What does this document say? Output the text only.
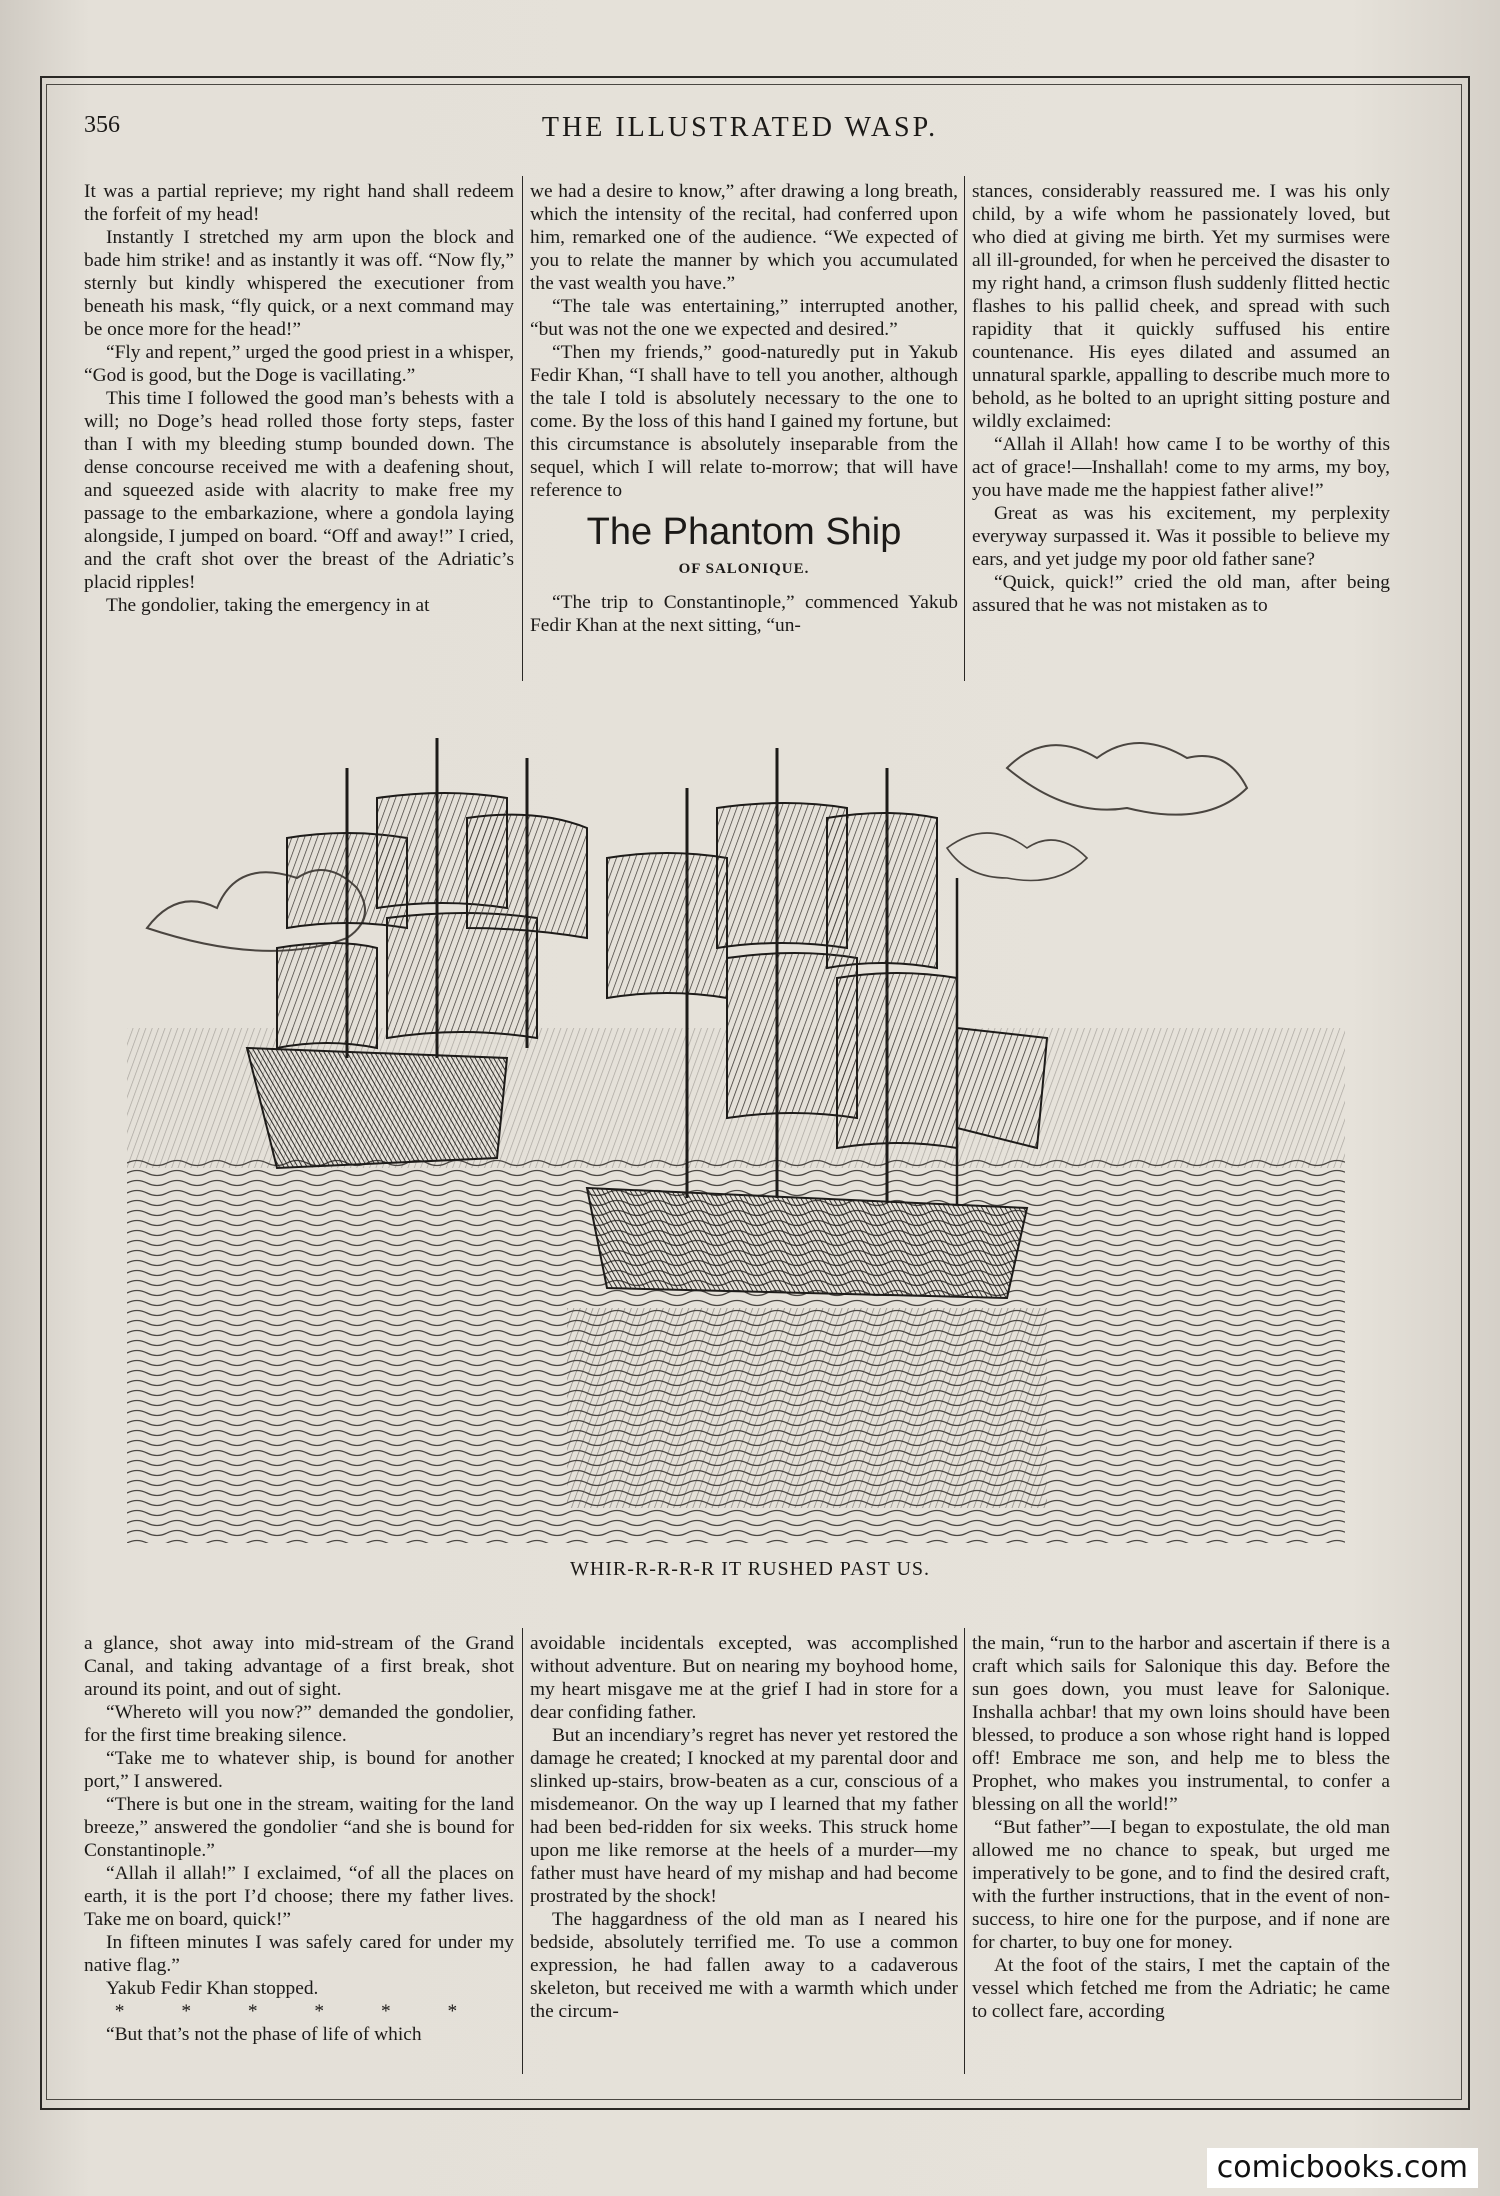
356	THE ILLUSTRATED WASP.

It was a partial reprieve; my right hand shall redeem the forfeit of my head!

Instantly I stretched my arm upon the block and bade him strike! and as instantly it was off. “Now fly,” sternly but kindly whispered the executioner from beneath his mask, “fly quick, or a next command may be once more for the head!”

“Fly and repent,” urged the good priest in a whisper, “God is good, but the Doge is vacillating.”

This time I followed the good man’s behests with a will; no Doge’s head rolled those forty steps, faster than I with my bleeding stump bounded down. The dense concourse received me with a deafening shout, and squeezed aside with alacrity to make free my passage to the embarkazione, where a gondola laying alongside, I jumped on board. “Off and away!” I cried, and the craft shot over the breast of the Adriatic’s placid ripples!

The gondolier, taking the emergency in at

we had a desire to know,” after drawing a long breath, which the intensity of the recital, had conferred upon him, remarked one of the audience. “We expected of you to relate the manner by which you accumulated the vast wealth you have.”

“The tale was entertaining,” interrupted another, “but was not the one we expected and desired.”

“Then my friends,” good-naturedly put in Yakub Fedir Khan, “I shall have to tell you another, although the tale I told is absolutely necessary to the one to come. By the loss of this hand I gained my fortune, but this circumstance is absolutely inseparable from the sequel, which I will relate to-morrow; that will have reference to

The Phantom Ship
OF SALONIQUE.

“The trip to Constantinople,” commenced Yakub Fedir Khan at the next sitting, “un-

stances, considerably reassured me. I was his only child, by a wife whom he passionately loved, but who died at giving me birth. Yet my surmises were all ill-grounded, for when he perceived the disaster to my right hand, a crimson flush suddenly flitted hectic flashes to his pallid cheek, and spread with such rapidity that it quickly suffused his entire countenance. His eyes dilated and assumed an unnatural sparkle, appalling to describe much more to behold, as he bolted to an upright sitting posture and wildly exclaimed:

“Allah il Allah! how came I to be worthy of this act of grace!—Inshallah! come to my arms, my boy, you have made me the happiest father alive!”

Great as was his excitement, my perplexity everyway surpassed it. Was it possible to believe my ears, and yet judge my poor old father sane?

“Quick, quick!” cried the old man, after being assured that he was not mistaken as to

WHIR-R-R-R-R IT RUSHED PAST US.

a glance, shot away into mid-stream of the Grand Canal, and taking advantage of a first break, shot around its point, and out of sight.

“Whereto will you now?” demanded the gondolier, for the first time breaking silence.

“Take me to whatever ship, is bound for another port,” I answered.

“There is but one in the stream, waiting for the land breeze,” answered the gondolier “and she is bound for Constantinople.”

“Allah il allah!” I exclaimed, “of all the places on earth, it is the port I’d choose; there my father lives. Take me on board, quick!”

In fifteen minutes I was safely cared for under my native flag.”

Yakub Fedir Khan stopped.

* * * * * *

“But that’s not the phase of life of which

avoidable incidentals excepted, was accomplished without adventure. But on nearing my boyhood home, my heart misgave me at the grief I had in store for a dear confiding father.

But an incendiary’s regret has never yet restored the damage he created; I knocked at my parental door and slinked up-stairs, brow-beaten as a cur, conscious of a misdemeanor. On the way up I learned that my father had been bed-ridden for six weeks. This struck home upon me like remorse at the heels of a murder—my father must have heard of my mishap and had become prostrated by the shock!

The haggardness of the old man as I neared his bedside, absolutely terrified me. To use a common expression, he had fallen away to a cadaverous skeleton, but received me with a warmth which under the circum-

the main, “run to the harbor and ascertain if there is a craft which sails for Salonique this day. Before the sun goes down, you must leave for Salonique. Inshalla achbar! that my own loins should have been blessed, to produce a son whose right hand is lopped off! Embrace me son, and help me to bless the Prophet, who makes you instrumental, to confer a blessing on all the world!”

“But father”—I began to expostulate, the old man allowed me no chance to speak, but urged me imperatively to be gone, and to find the desired craft, with the further instructions, that in the event of non-success, to hire one for the purpose, and if none are for charter, to buy one for money.

At the foot of the stairs, I met the captain of the vessel which fetched me from the Adriatic; he came to collect fare, according

comicbooks.com
